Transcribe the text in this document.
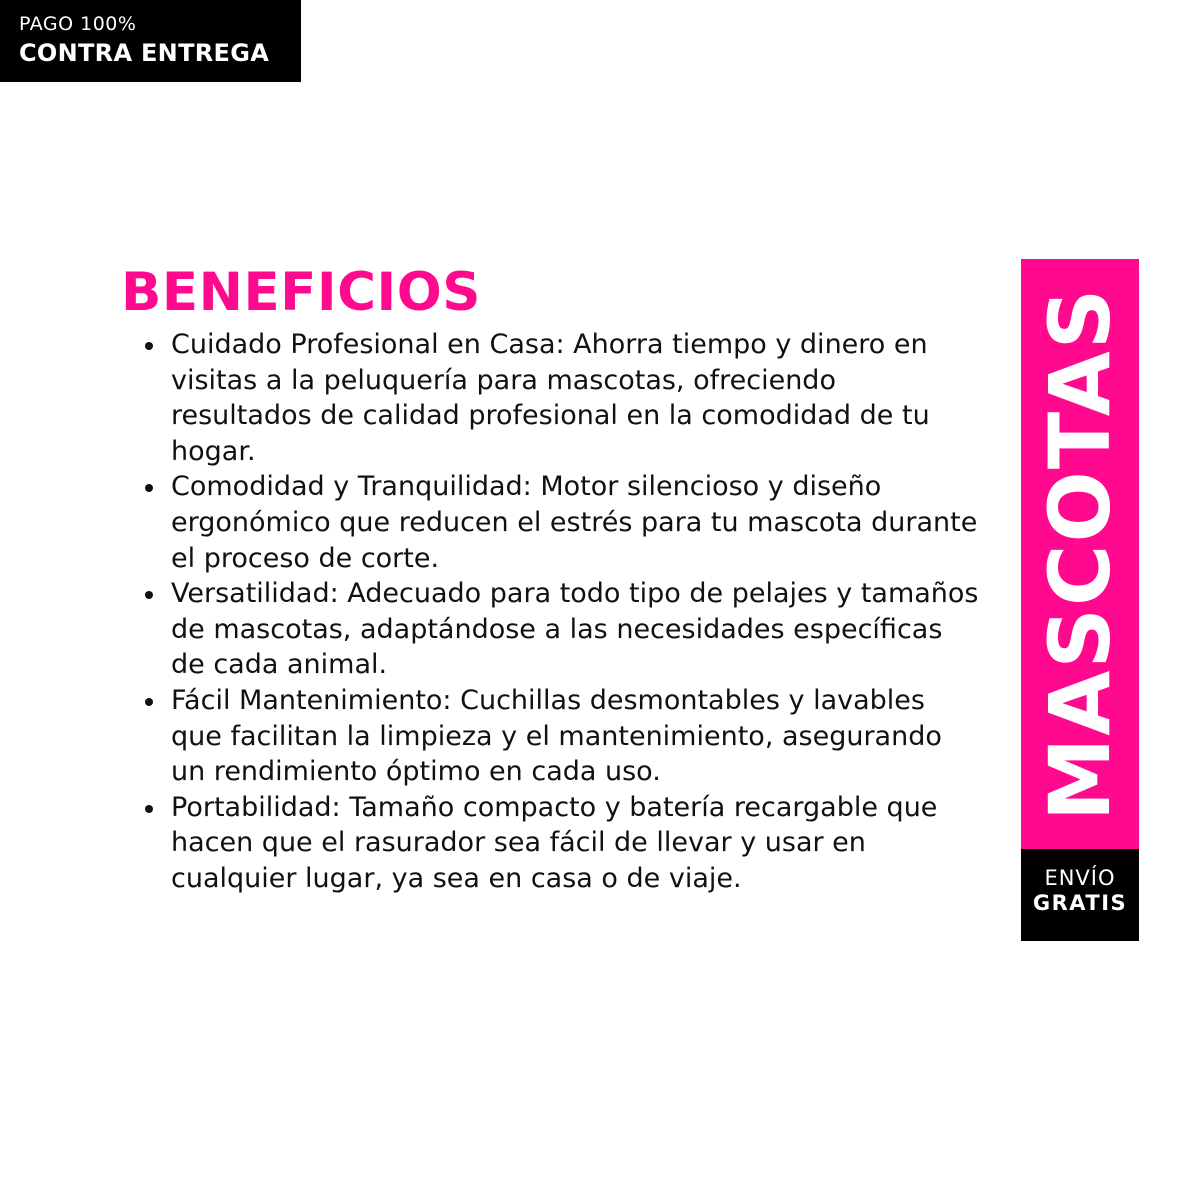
PAGO 100%
CONTRA ENTREGA
BENEFICIOS
Cuidado Profesional en Casa: Ahorra tiempo y dinero en visitas a la peluquería para mascotas, ofreciendo resultados de calidad profesional en la comodidad de tu hogar.
Comodidad y Tranquilidad: Motor silencioso y diseño ergonómico que reducen el estrés para tu mascota durante el proceso de corte.
Versatilidad: Adecuado para todo tipo de pelajes y tamaños de mascotas, adaptándose a las necesidades específicas de cada animal.
Fácil Mantenimiento: Cuchillas desmontables y lavables que facilitan la limpieza y el mantenimiento, asegurando un rendimiento óptimo en cada uso.
Portabilidad: Tamaño compacto y batería recargable que hacen que el rasurador sea fácil de llevar y usar en cualquier lugar, ya sea en casa o de viaje.
MASCOTAS
ENVÍO
GRATIS
